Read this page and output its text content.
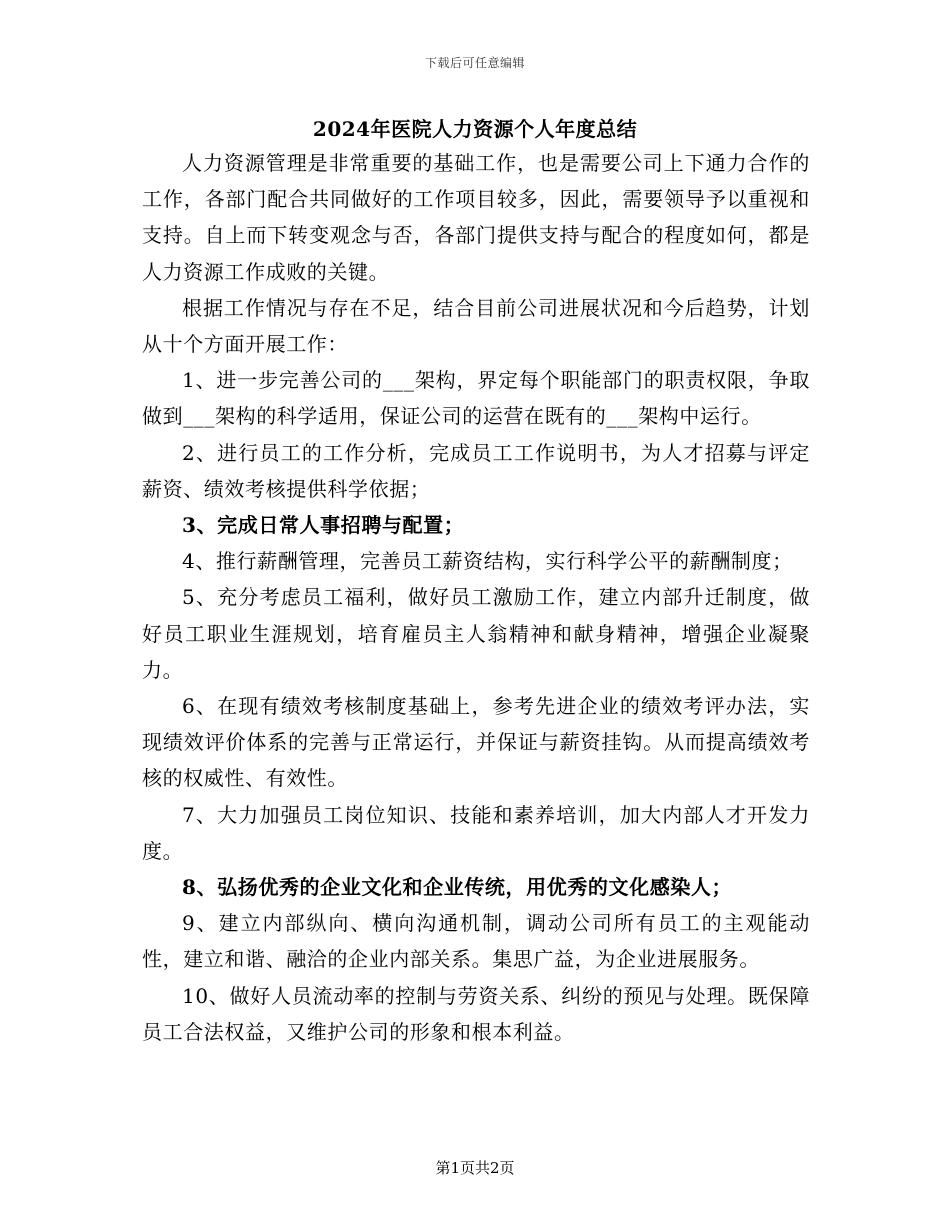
下载后可任意编辑
2024年医院人力资源个人年度总结

人力资源管理是非常重要的基础工作，也是需要公司上下通力合作的工作，各部门配合共同做好的工作项目较多，因此，需要领导予以重视和支持。自上而下转变观念与否，各部门提供支持与配合的程度如何，都是人力资源工作成败的关键。

根据工作情况与存在不足，结合目前公司进展状况和今后趋势，计划从十个方面开展工作：

1、进一步完善公司的___架构，界定每个职能部门的职责权限，争取做到___架构的科学适用，保证公司的运营在既有的___架构中运行。

2、进行员工的工作分析，完成员工工作说明书，为人才招募与评定薪资、绩效考核提供科学依据；

3、完成日常人事招聘与配置；

4、推行薪酬管理，完善员工薪资结构，实行科学公平的薪酬制度；

5、充分考虑员工福利，做好员工激励工作，建立内部升迁制度，做好员工职业生涯规划，培育雇员主人翁精神和献身精神，增强企业凝聚力。

6、在现有绩效考核制度基础上，参考先进企业的绩效考评办法，实现绩效评价体系的完善与正常运行，并保证与薪资挂钩。从而提高绩效考核的权威性、有效性。

7、大力加强员工岗位知识、技能和素养培训，加大内部人才开发力度。

8、弘扬优秀的企业文化和企业传统，用优秀的文化感染人；

9、建立内部纵向、横向沟通机制，调动公司所有员工的主观能动性，建立和谐、融洽的企业内部关系。集思广益，为企业进展服务。

10、做好人员流动率的控制与劳资关系、纠纷的预见与处理。既保障员工合法权益，又维护公司的形象和根本利益。

第1页共2页
